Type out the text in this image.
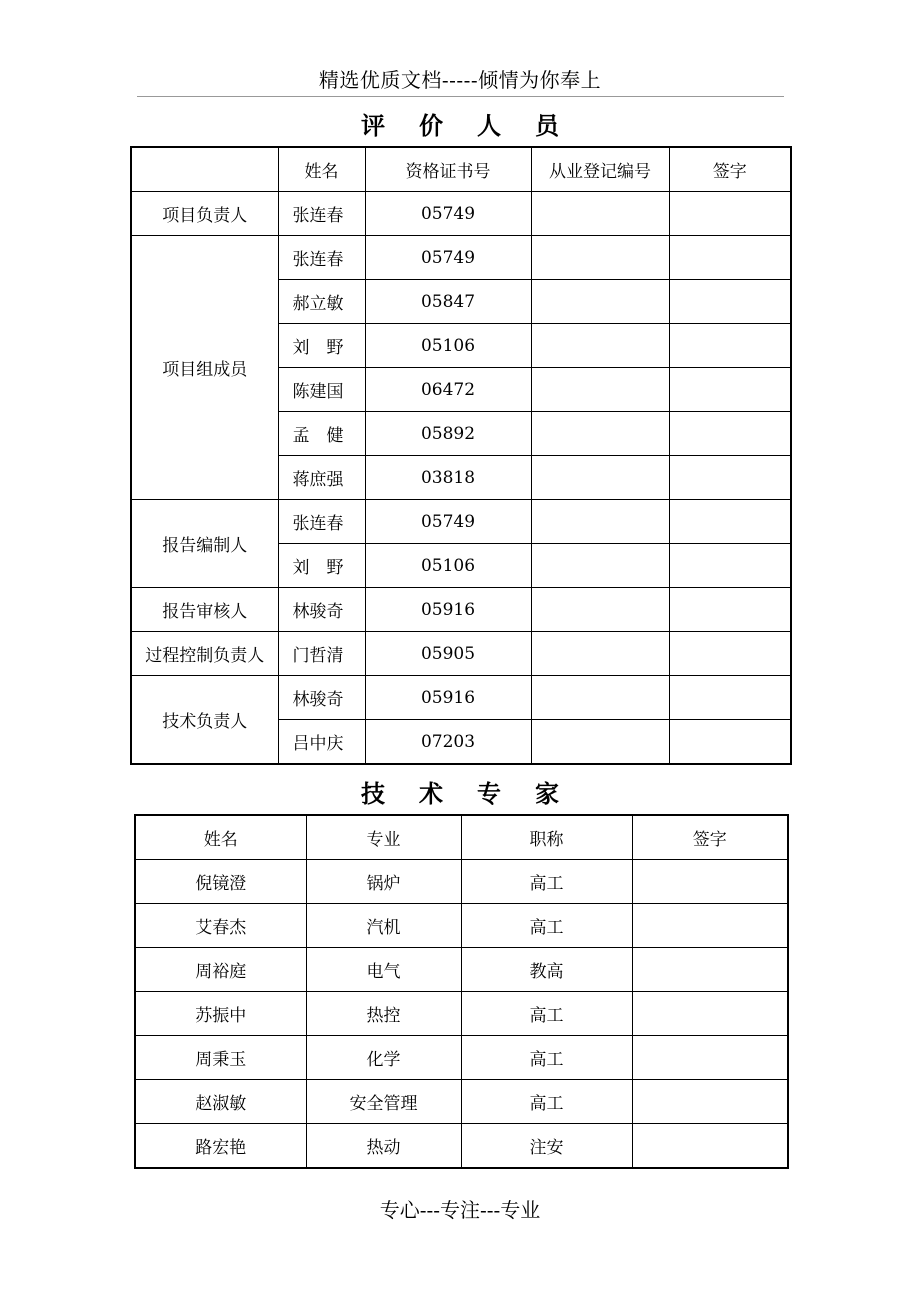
精选优质文档-----倾情为你奉上
评 价 人 员
	姓名	资格证书号	从业登记编号	签字
项目负责人	张连春	05749		
项目组成员	张连春	05749		
	郝立敏	05847		
	刘　野	05106		
	陈建国	06472		
	孟　健	05892		
	蒋庶强	03818		
报告编制人	张连春	05749		
	刘　野	05106		
报告审核人	林骏奇	05916		
过程控制负责人	门哲清	05905		
技术负责人	林骏奇	05916		
	吕中庆	07203		
技 术 专 家
姓名	专业	职称	签字
倪镜澄	锅炉	高工	
艾春杰	汽机	高工	
周裕庭	电气	教高	
苏振中	热控	高工	
周秉玉	化学	高工	
赵淑敏	安全管理	高工	
路宏艳	热动	注安	
专心---专注---专业
